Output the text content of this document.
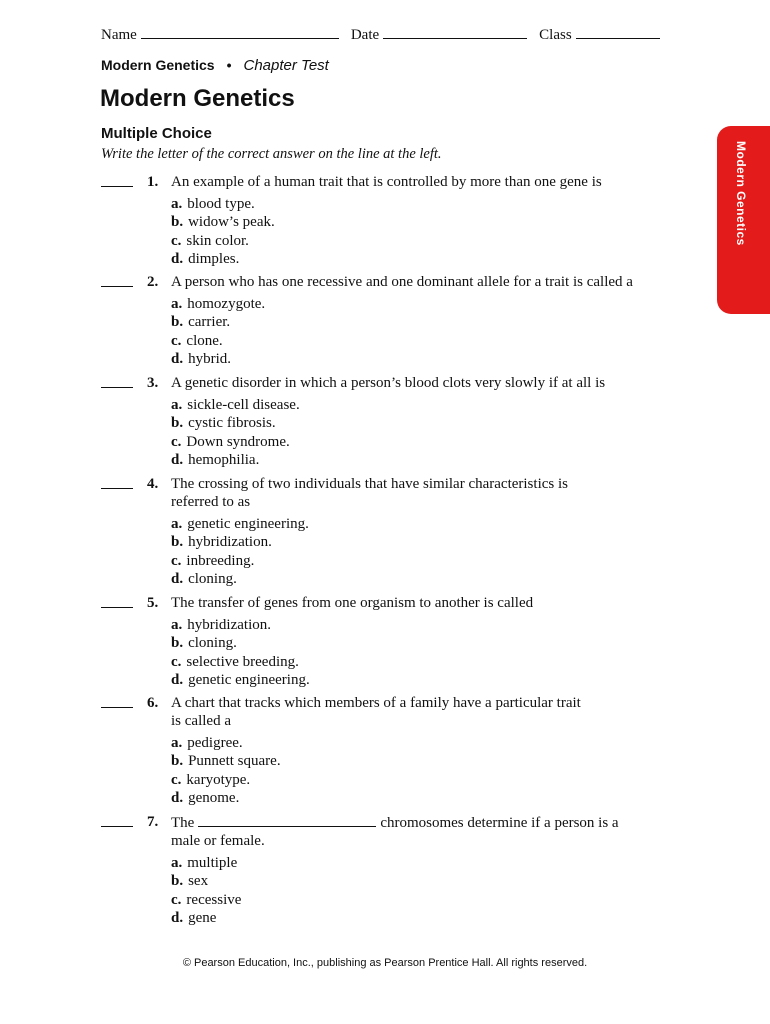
Name	Date	Class
Modern Genetics • Chapter Test
Modern Genetics
Multiple Choice
Write the letter of the correct answer on the line at the left.	Modern Genetics
1. An example of a human trait that is controlled by more than one gene is
a. blood type.
b. widow’s peak.
c. skin color.
d. dimples.
2. A person who has one recessive and one dominant allele for a trait is called a
a. homozygote.
b. carrier.
c. clone.
d. hybrid.
3. A genetic disorder in which a person’s blood clots very slowly if at all is
a. sickle-cell disease.
b. cystic fibrosis.
c. Down syndrome.
d. hemophilia.
4. The crossing of two individuals that have similar characteristics is
referred to as
a. genetic engineering.
b. hybridization.
c. inbreeding.
d. cloning.
5. The transfer of genes from one organism to another is called
a. hybridization.
b. cloning.
c. selective breeding.
d. genetic engineering.
6. A chart that tracks which members of a family have a particular trait
is called a
a. pedigree.
b. Punnett square.
c. karyotype.
d. genome.
7. The	chromosomes determine if a person is a
male or female.
a. multiple
b. sex
c. recessive
d. gene
© Pearson Education, Inc., publishing as Pearson Prentice Hall. All rights reserved.
